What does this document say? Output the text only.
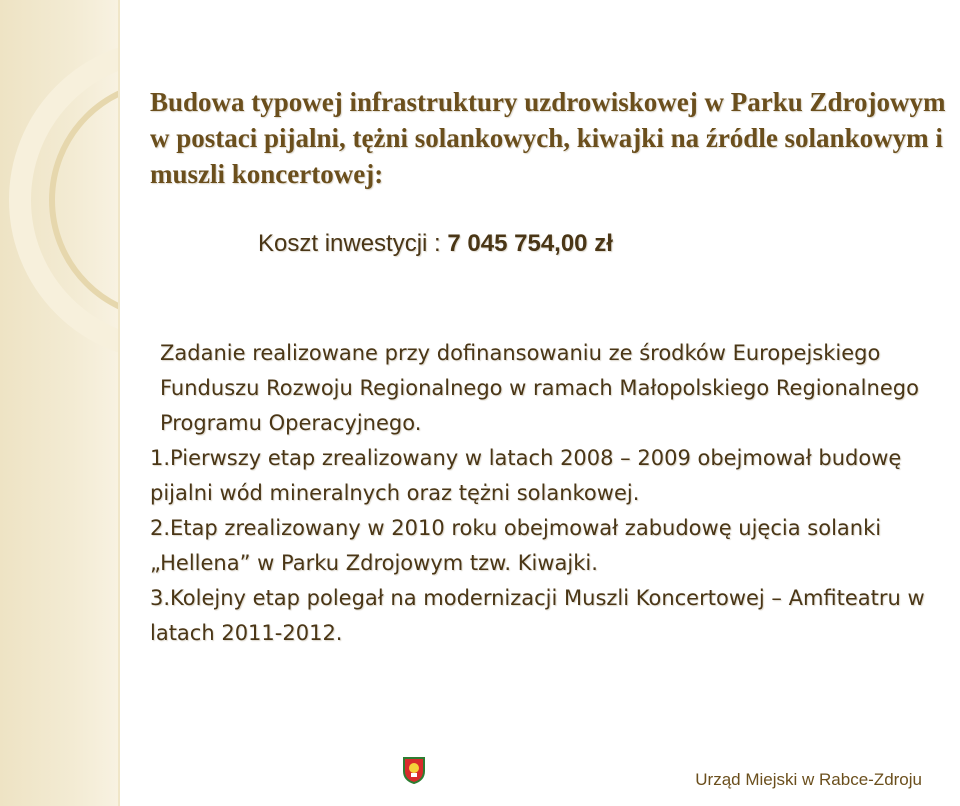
Budowa typowej infrastruktury uzdrowiskowej w Parku Zdrojowym w postaci pijalni, tężni solankowych, kiwajki na źródle solankowym i muszli koncertowej:

Koszt inwestycji : 7 045 754,00 zł

Zadanie realizowane przy dofinansowaniu ze środków Europejskiego Funduszu Rozwoju Regionalnego w ramach Małopolskiego Regionalnego Programu Operacyjnego.

1.Pierwszy etap zrealizowany w latach 2008 – 2009 obejmował budowę pijalni wód mineralnych oraz tężni solankowej.

2.Etap zrealizowany w 2010 roku obejmował zabudowę ujęcia solanki „Hellena” w Parku Zdrojowym tzw. Kiwajki.

3.Kolejny etap polegał na modernizacji Muszli Koncertowej – Amfiteatru w latach 2011-2012.

Urząd Miejski w Rabce-Zdroju
